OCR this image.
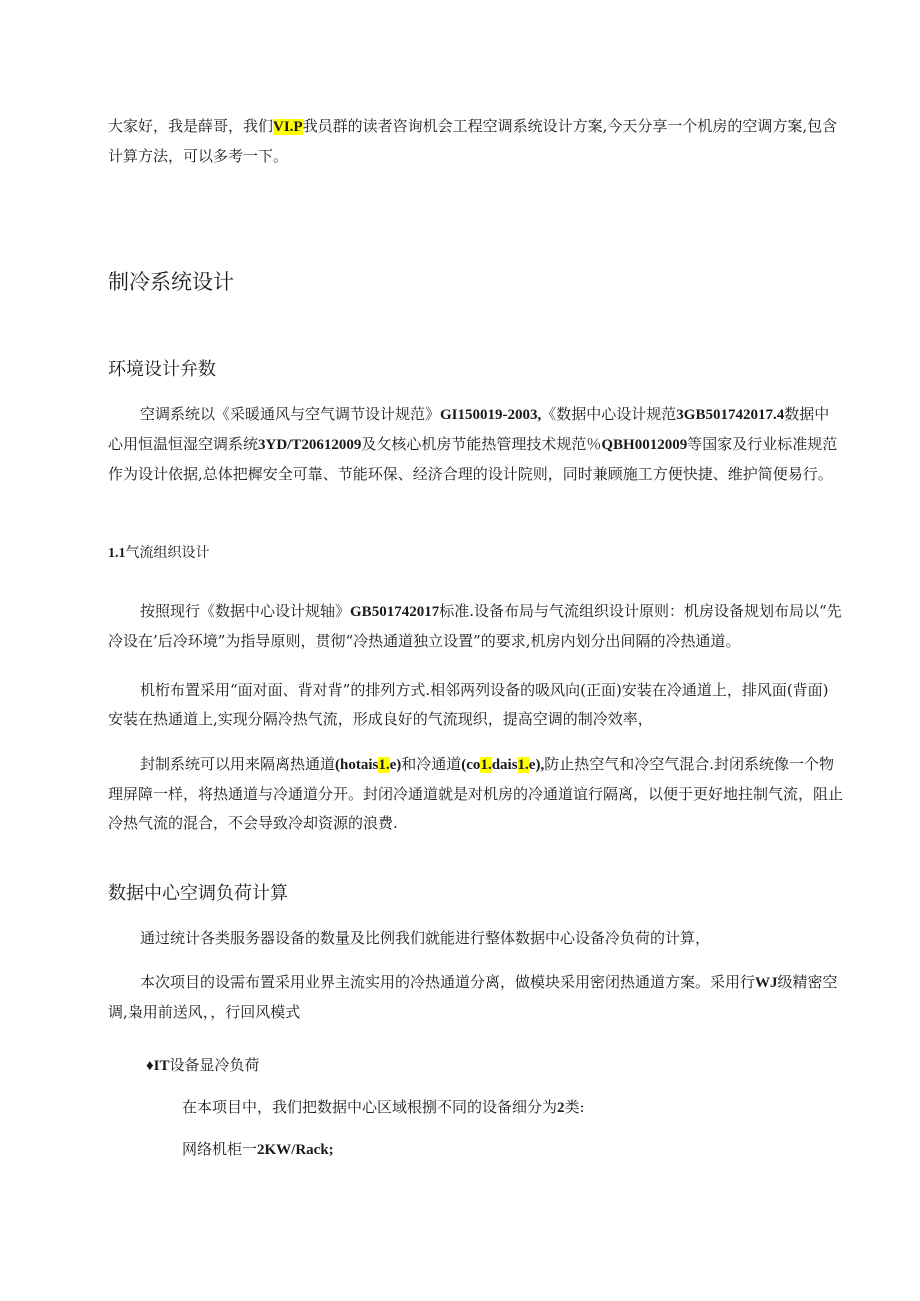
大家好，我是薛哥，我们VI.P我员群的读者咨询机会工程空调系统设计方案,今天分享一个机房的空调方案,包含计算方法，可以多考一下。

制冷系统设计
环境设计弁数

空调系统以《采暖通风与空气调节设计规范》GI150019-2003,《数据中心设计规范3GB501742017.4数据中心用恒温恒湿空调系统3YD/T20612009及攵核心机房节能热管理技术规范％QBH0012009等国家及行业标准规范作为设计依据,总体把樨安全可靠、节能环保、经济合理的设计院则，同时兼顾施工方便快捷、维护简便易行。

1.1气流组织设计

按照现行《数据中心设计规轴》GB501742017标准.设备布局与气流组织设计原则：机房设备规划布局以“先冷设在’后冷环境”为指导原则，贯彻“冷热通道独立设置”的要求,机房内划分出间隔的冷热通道。

机桁布置采用“面对面、背对背”的排列方式.相邻两列设备的吸风向(正面)安装在冷通道上，排风面(背面)安装在热通道上,实现分隔冷热气流，形成良好的气流现织，提高空调的制冷效率，

封制系统可以用来隔离热通道(hotais1.e)和冷通道(co1.dais1.e),防止热空气和冷空气混合.封闭系统像一个物理屏障一样，将热通道与冷通道分开。封闭冷通道就是对机房的冷通道谊行隔离，以便于更好地拄制气流，阻止冷热气流的混合，不会导致冷却资源的浪费.

数据中心空调负荷计算

通过统计各类服务器设备的数量及比例我们就能进行整体数据中心设备冷负荷的计算，

本次项目的设需布置采用业界主流实用的冷热通道分离，做模块采用密闭热通道方案。采用行WJ级精密空调,枭用前送风，，行回风模式

♦IT设备显冷负荷

在本项目中，我们把数据中心区域根捌不同的设备细分为2类:

网络机柜一2KW/Rack;
